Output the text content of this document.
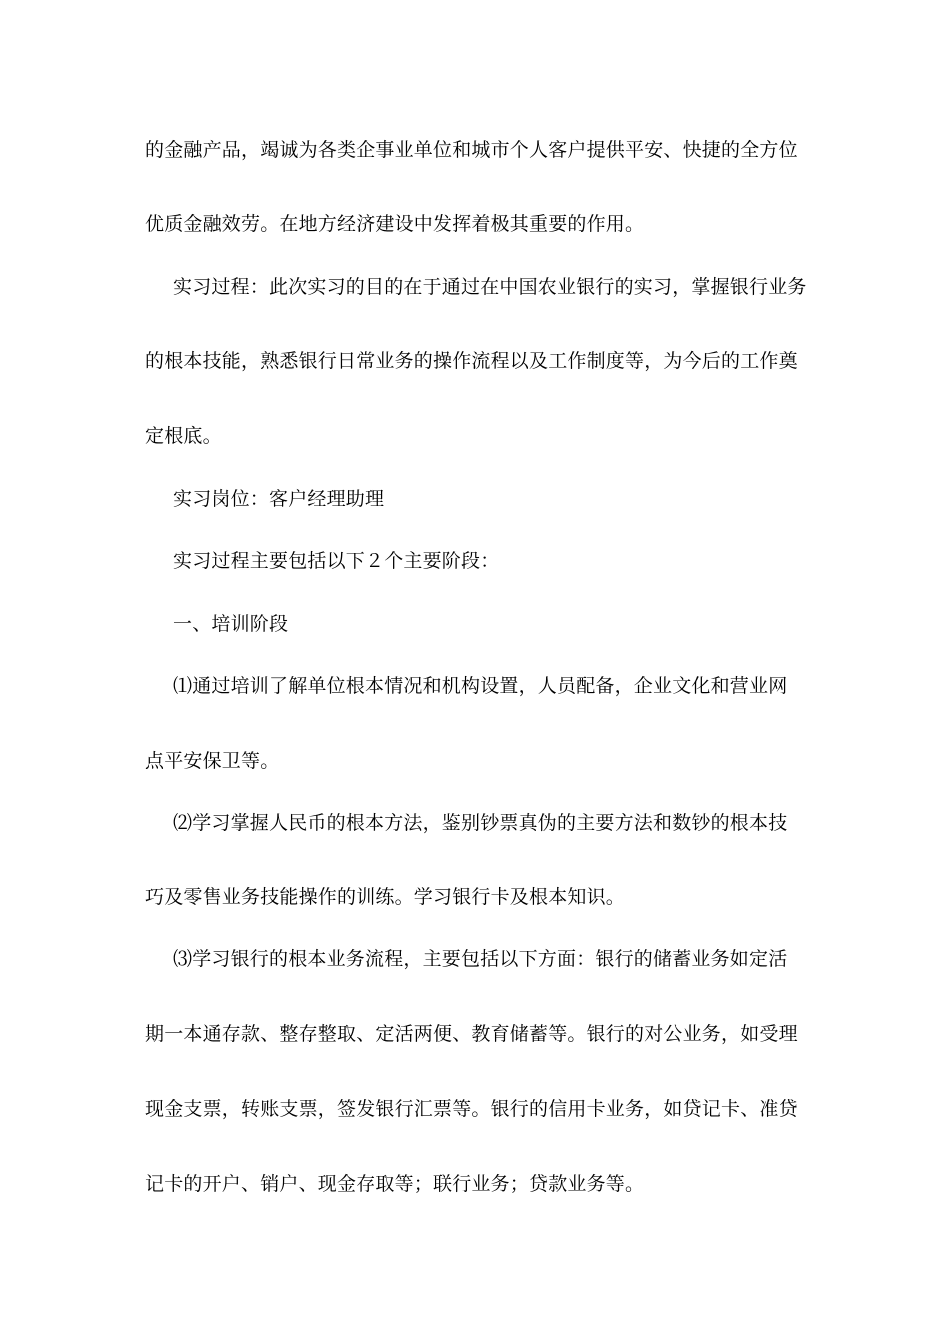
的金融产品，竭诚为各类企事业单位和城市个人客户提供平安、快捷的全方位
优质金融效劳。在地方经济建设中发挥着极其重要的作用。
实习过程：此次实习的目的在于通过在中国农业银行的实习，掌握银行业务
的根本技能，熟悉银行日常业务的操作流程以及工作制度等，为今后的工作奠
定根底。
实习岗位：客户经理助理
实习过程主要包括以下２个主要阶段：
一、培训阶段
⑴通过培训了解单位根本情况和机构设置，人员配备，企业文化和营业网
点平安保卫等。
⑵学习掌握人民币的根本方法，鉴别钞票真伪的主要方法和数钞的根本技
巧及零售业务技能操作的训练。学习银行卡及根本知识。
⑶学习银行的根本业务流程，主要包括以下方面：银行的储蓄业务如定活
期一本通存款、整存整取、定活两便、教育储蓄等。银行的对公业务，如受理
现金支票，转账支票，签发银行汇票等。银行的信用卡业务，如贷记卡、准贷
记卡的开户、销户、现金存取等；联行业务；贷款业务等。
